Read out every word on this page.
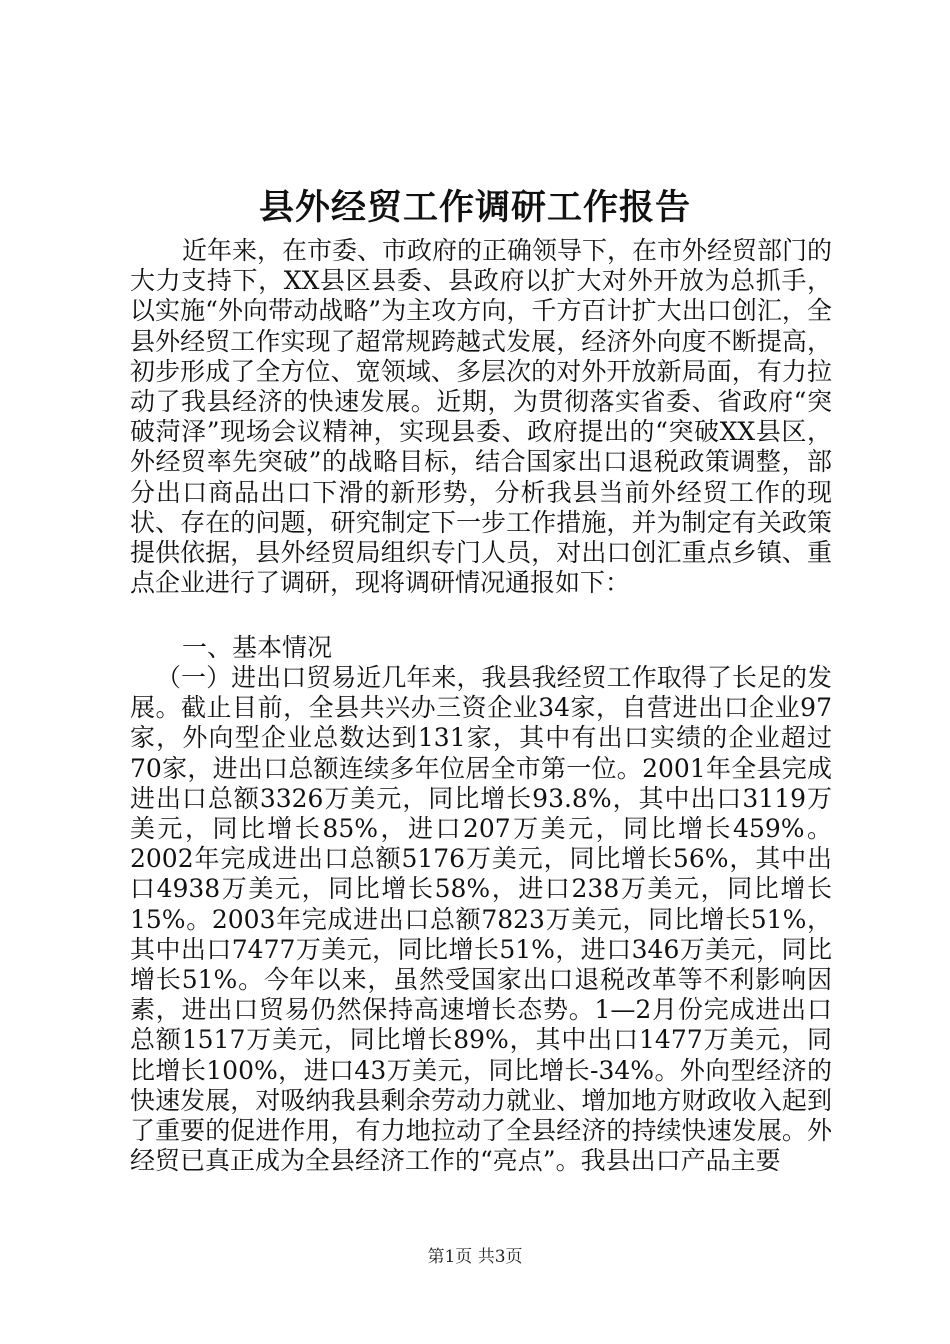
县外经贸工作调研工作报告

近年来，在市委、市政府的正确领导下，在市外经贸部门的大力支持下，XX县区县委、县政府以扩大对外开放为总抓手，以实施“外向带动战略”为主攻方向，千方百计扩大出口创汇，全县外经贸工作实现了超常规跨越式发展，经济外向度不断提高，初步形成了全方位、宽领域、多层次的对外开放新局面，有力拉动了我县经济的快速发展。近期，为贯彻落实省委、省政府“突破菏泽”现场会议精神，实现县委、政府提出的“突破XX县区，外经贸率先突破”的战略目标，结合国家出口退税政策调整，部分出口商品出口下滑的新形势，分析我县当前外经贸工作的现状、存在的问题，研究制定下一步工作措施，并为制定有关政策提供依据，县外经贸局组织专门人员，对出口创汇重点乡镇、重点企业进行了调研，现将调研情况通报如下：

一、基本情况

（一）进出口贸易近几年来，我县我经贸工作取得了长足的发展。截止目前，全县共兴办三资企业34家，自营进出口企业97家，外向型企业总数达到131家，其中有出口实绩的企业超过70家，进出口总额连续多年位居全市第一位。2001年全县完成进出口总额3326万美元，同比增长93.8%，其中出口3119万美元，同比增长85%，进口207万美元，同比增长459%。2002年完成进出口总额5176万美元，同比增长56%，其中出口4938万美元，同比增长58%，进口238万美元，同比增长15%。2003年完成进出口总额7823万美元，同比增长51%，其中出口7477万美元，同比增长51%，进口346万美元，同比增长51%。今年以来，虽然受国家出口退税改革等不利影响因素，进出口贸易仍然保持高速增长态势。1—2月份完成进出口总额1517万美元，同比增长89%，其中出口1477万美元，同比增长100%，进口43万美元，同比增长-34%。外向型经济的快速发展，对吸纳我县剩余劳动力就业、增加地方财政收入起到了重要的促进作用，有力地拉动了全县经济的持续快速发展。外经贸已真正成为全县经济工作的“亮点”。我县出口产品主要

第1页 共3页
